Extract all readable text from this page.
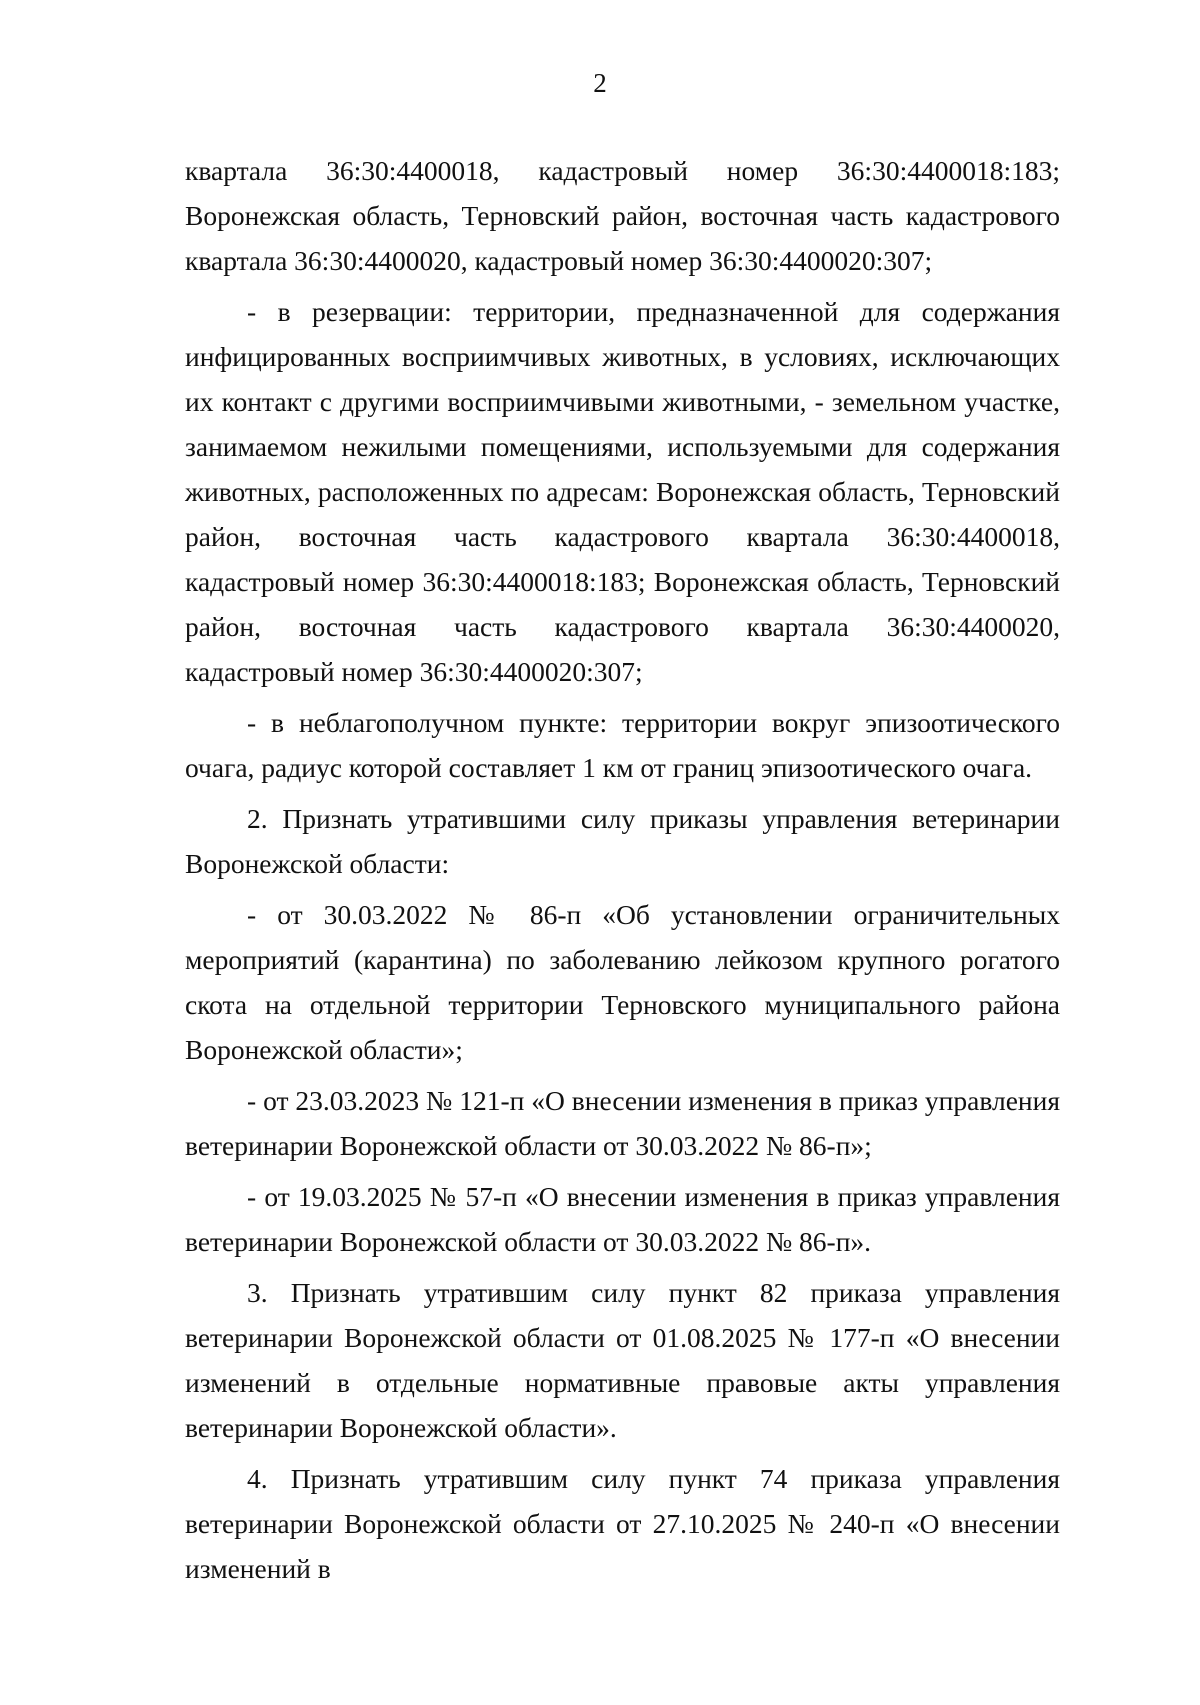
2

квартала 36:30:4400018, кадастровый номер 36:30:4400018:183; Воронежская область, Терновский район, восточная часть кадастрового квартала 36:30:4400020, кадастровый номер 36:30:4400020:307;

- в резервации: территории, предназначенной для содержания инфицированных восприимчивых животных, в условиях, исключающих их контакт с другими восприимчивыми животными, - земельном участке, занимаемом нежилыми помещениями, используемыми для содержания животных, расположенных по адресам: Воронежская область, Терновский район, восточная часть кадастрового квартала 36:30:4400018, кадастровый номер 36:30:4400018:183; Воронежская область, Терновский район, восточная часть кадастрового квартала 36:30:4400020, кадастровый номер 36:30:4400020:307;

- в неблагополучном пункте: территории вокруг эпизоотического очага, радиус которой составляет 1 км от границ эпизоотического очага.

2. Признать утратившими силу приказы управления ветеринарии Воронежской области:

- от 30.03.2022 № 86-п «Об установлении ограничительных мероприятий (карантина) по заболеванию лейкозом крупного рогатого скота на отдельной территории Терновского муниципального района Воронежской области»;

- от 23.03.2023 № 121-п «О внесении изменения в приказ управления ветеринарии Воронежской области от 30.03.2022 № 86-п»;

- от 19.03.2025 № 57-п «О внесении изменения в приказ управления ветеринарии Воронежской области от 30.03.2022 № 86-п».

3. Признать утратившим силу пункт 82 приказа управления ветеринарии Воронежской области от 01.08.2025 № 177-п «О внесении изменений в отдельные нормативные правовые акты управления ветеринарии Воронежской области».

4. Признать утратившим силу пункт 74 приказа управления ветеринарии Воронежской области от 27.10.2025 № 240-п «О внесении изменений в
